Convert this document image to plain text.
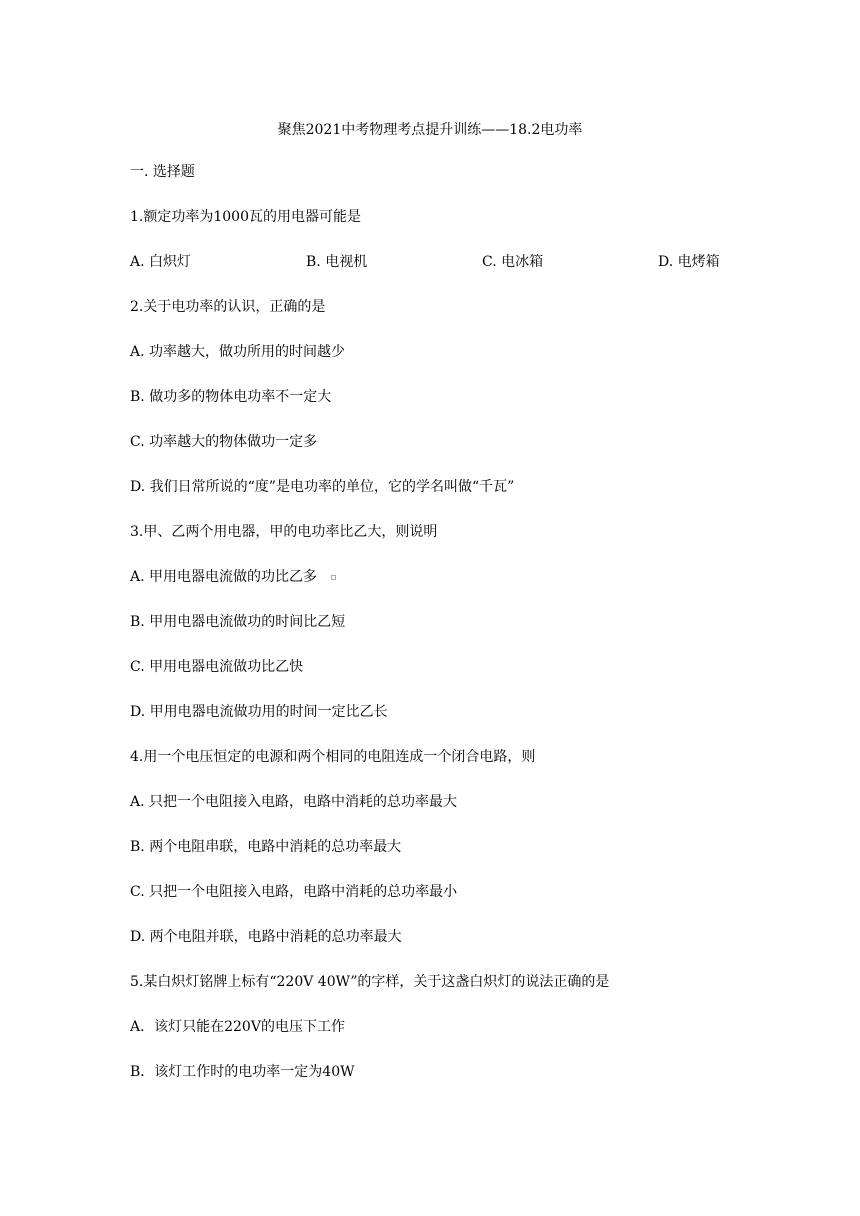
聚焦2021中考物理考点提升训练——18.2电功率
一. 选择题
1.额定功率为1000瓦的用电器可能是
A. 白炽灯	B. 电视机	C. 电冰箱	D. 电烤箱
2.关于电功率的认识，正确的是
A. 功率越大，做功所用的时间越少
B. 做功多的物体电功率不一定大
C. 功率越大的物体做功一定多
D. 我们日常所说的“度”是电功率的单位，它的学名叫做“千瓦”
3.甲、乙两个用电器，甲的电功率比乙大，则说明
A. 甲用电器电流做的功比乙多
B. 甲用电器电流做功的时间比乙短
C. 甲用电器电流做功比乙快
D. 甲用电器电流做功用的时间一定比乙长
4.用一个电压恒定的电源和两个相同的电阻连成一个闭合电路，则
A. 只把一个电阻接入电路，电路中消耗的总功率最大
B. 两个电阻串联，电路中消耗的总功率最大
C. 只把一个电阻接入电路，电路中消耗的总功率最小
D. 两个电阻并联，电路中消耗的总功率最大
5.某白炽灯铭牌上标有“220V 40W”的字样，关于这盏白炽灯的说法正确的是
A．该灯只能在220V的电压下工作
B．该灯工作时的电功率一定为40W
